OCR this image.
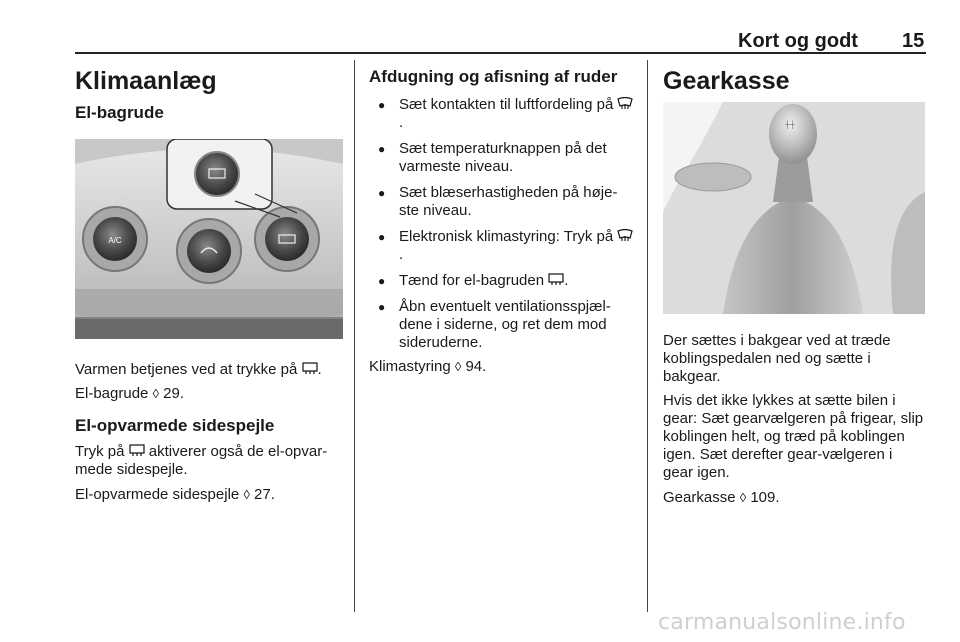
Kort og godt 15
Klimaanlæg
El-bagrude
A/C

Varmen betjenes ved at trykke på .

El-bagrude ◊ 29.

El-opvarmede sidespejle

Tryk på aktiverer også de el-opvar-mede sidespejle.

El-opvarmede sidespejle ◊ 27.

Afdugning og afisning af ruder
● Sæt kontakten til luftfordeling på .
● Sæt temperaturknappen på det varmeste niveau.
● Sæt blæserhastigheden på høje-ste niveau.
● Elektronisk klimastyring: Tryk på .
● Tænd for el-bagruden .
● Åbn eventuelt ventilationsspjæl-dene i siderne, og ret dem mod sideruderne.

Klimastyring ◊ 94.

Gearkasse
┼┼

Der sættes i bakgear ved at træde koblingspedalen ned og sætte i bakgear.

Hvis det ikke lykkes at sætte bilen i gear: Sæt gearvælgeren på frigear, slip koblingen helt, og træd på koblingen igen. Sæt derefter gear-vælgeren i gear igen.

Gearkasse ◊ 109.

carmanualsonline.info
